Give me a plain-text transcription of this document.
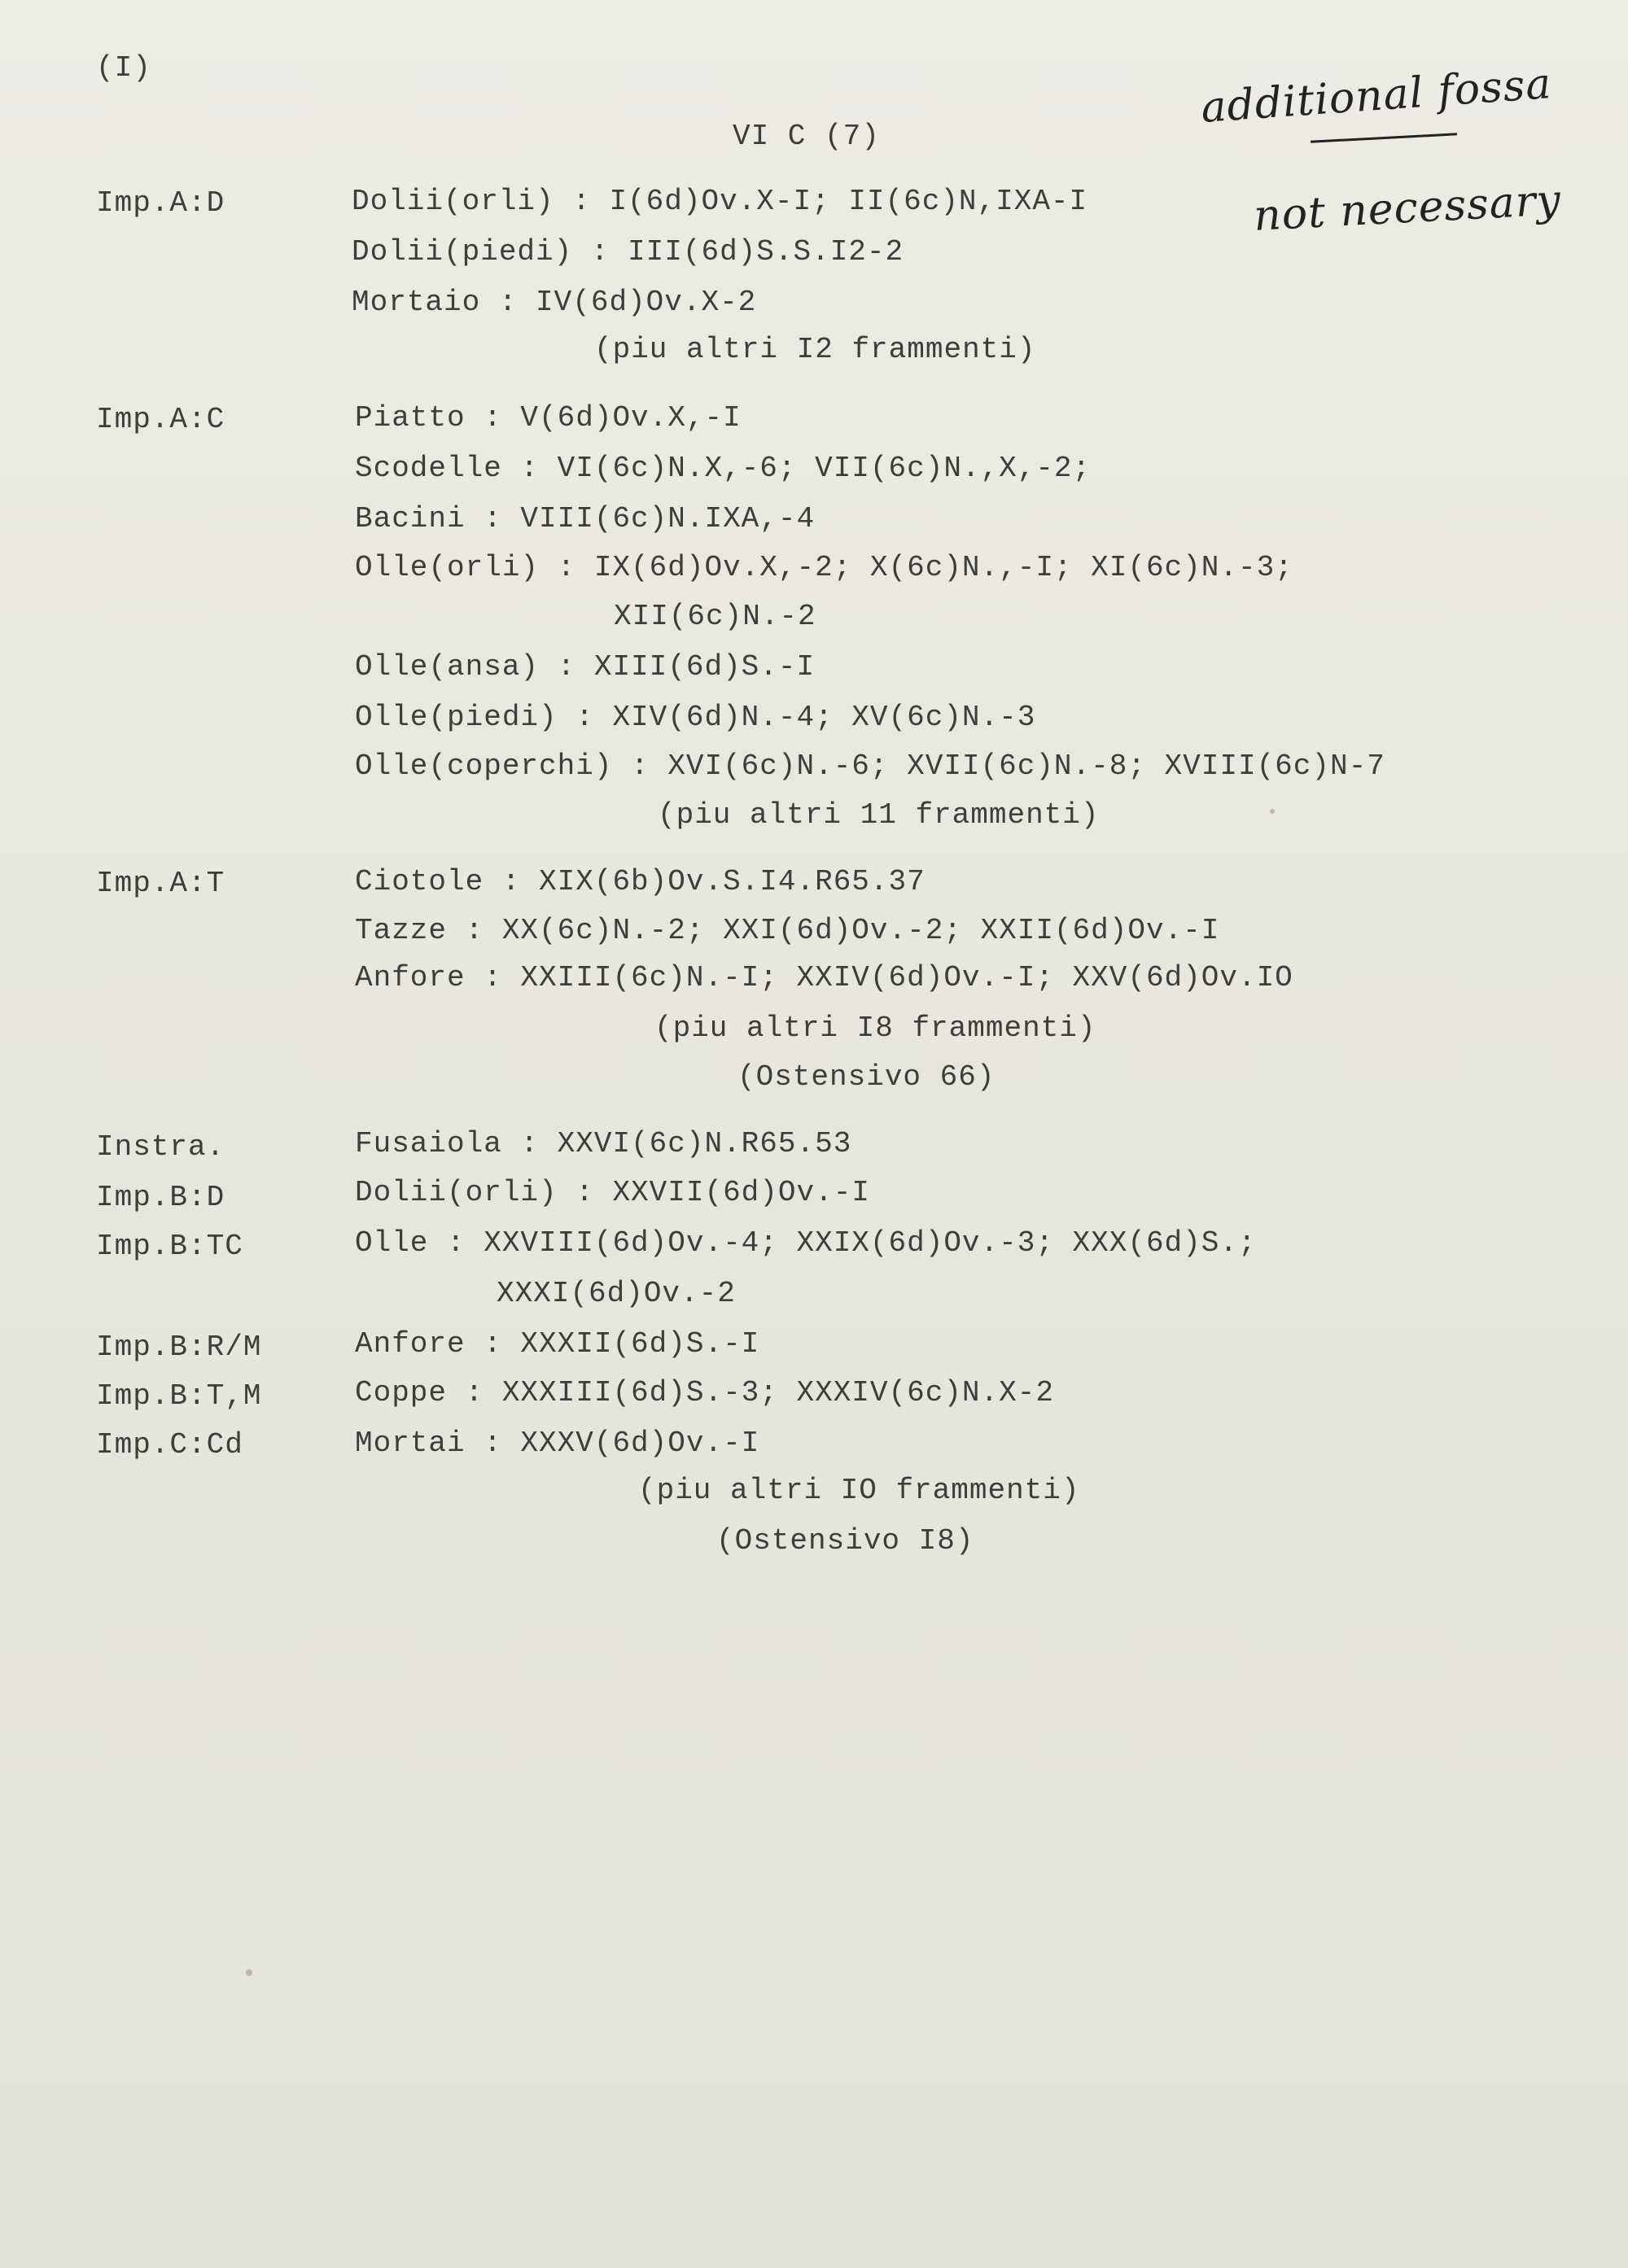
(I)
VI C (7)
additional fossa
not necessary
Imp.A:D	Dolii(orli) : I(6d)Ov.X-I; II(6c)N,IXA-I
Dolii(piedi) : III(6d)S.S.I2-2
Mortaio : IV(6d)Ov.X-2
(piu altri I2 frammenti)
Imp.A:C	Piatto : V(6d)Ov.X,-I
Scodelle : VI(6c)N.X,-6; VII(6c)N.,X,-2;
Bacini : VIII(6c)N.IXA,-4
Olle(orli) : IX(6d)Ov.X,-2; X(6c)N.,-I; XI(6c)N.-3;
XII(6c)N.-2
Olle(ansa) : XIII(6d)S.-I
Olle(piedi) : XIV(6d)N.-4; XV(6c)N.-3
Olle(coperchi) : XVI(6c)N.-6; XVII(6c)N.-8; XVIII(6c)N-7
(piu altri 11 frammenti)
Imp.A:T	Ciotole : XIX(6b)Ov.S.I4.R65.37
Tazze : XX(6c)N.-2; XXI(6d)Ov.-2; XXII(6d)Ov.-I
Anfore : XXIII(6c)N.-I; XXIV(6d)Ov.-I; XXV(6d)Ov.IO
(piu altri I8 frammenti)
(Ostensivo 66)
Instra.	Fusaiola : XXVI(6c)N.R65.53
Imp.B:D	Dolii(orli) : XXVII(6d)Ov.-I
Imp.B:TC	Olle : XXVIII(6d)Ov.-4; XXIX(6d)Ov.-3; XXX(6d)S.;
XXXI(6d)Ov.-2
Imp.B:R/M	Anfore : XXXII(6d)S.-I
Imp.B:T,M	Coppe : XXXIII(6d)S.-3; XXXIV(6c)N.X-2
Imp.C:Cd	Mortai : XXXV(6d)Ov.-I
(piu altri IO frammenti)
(Ostensivo I8)
